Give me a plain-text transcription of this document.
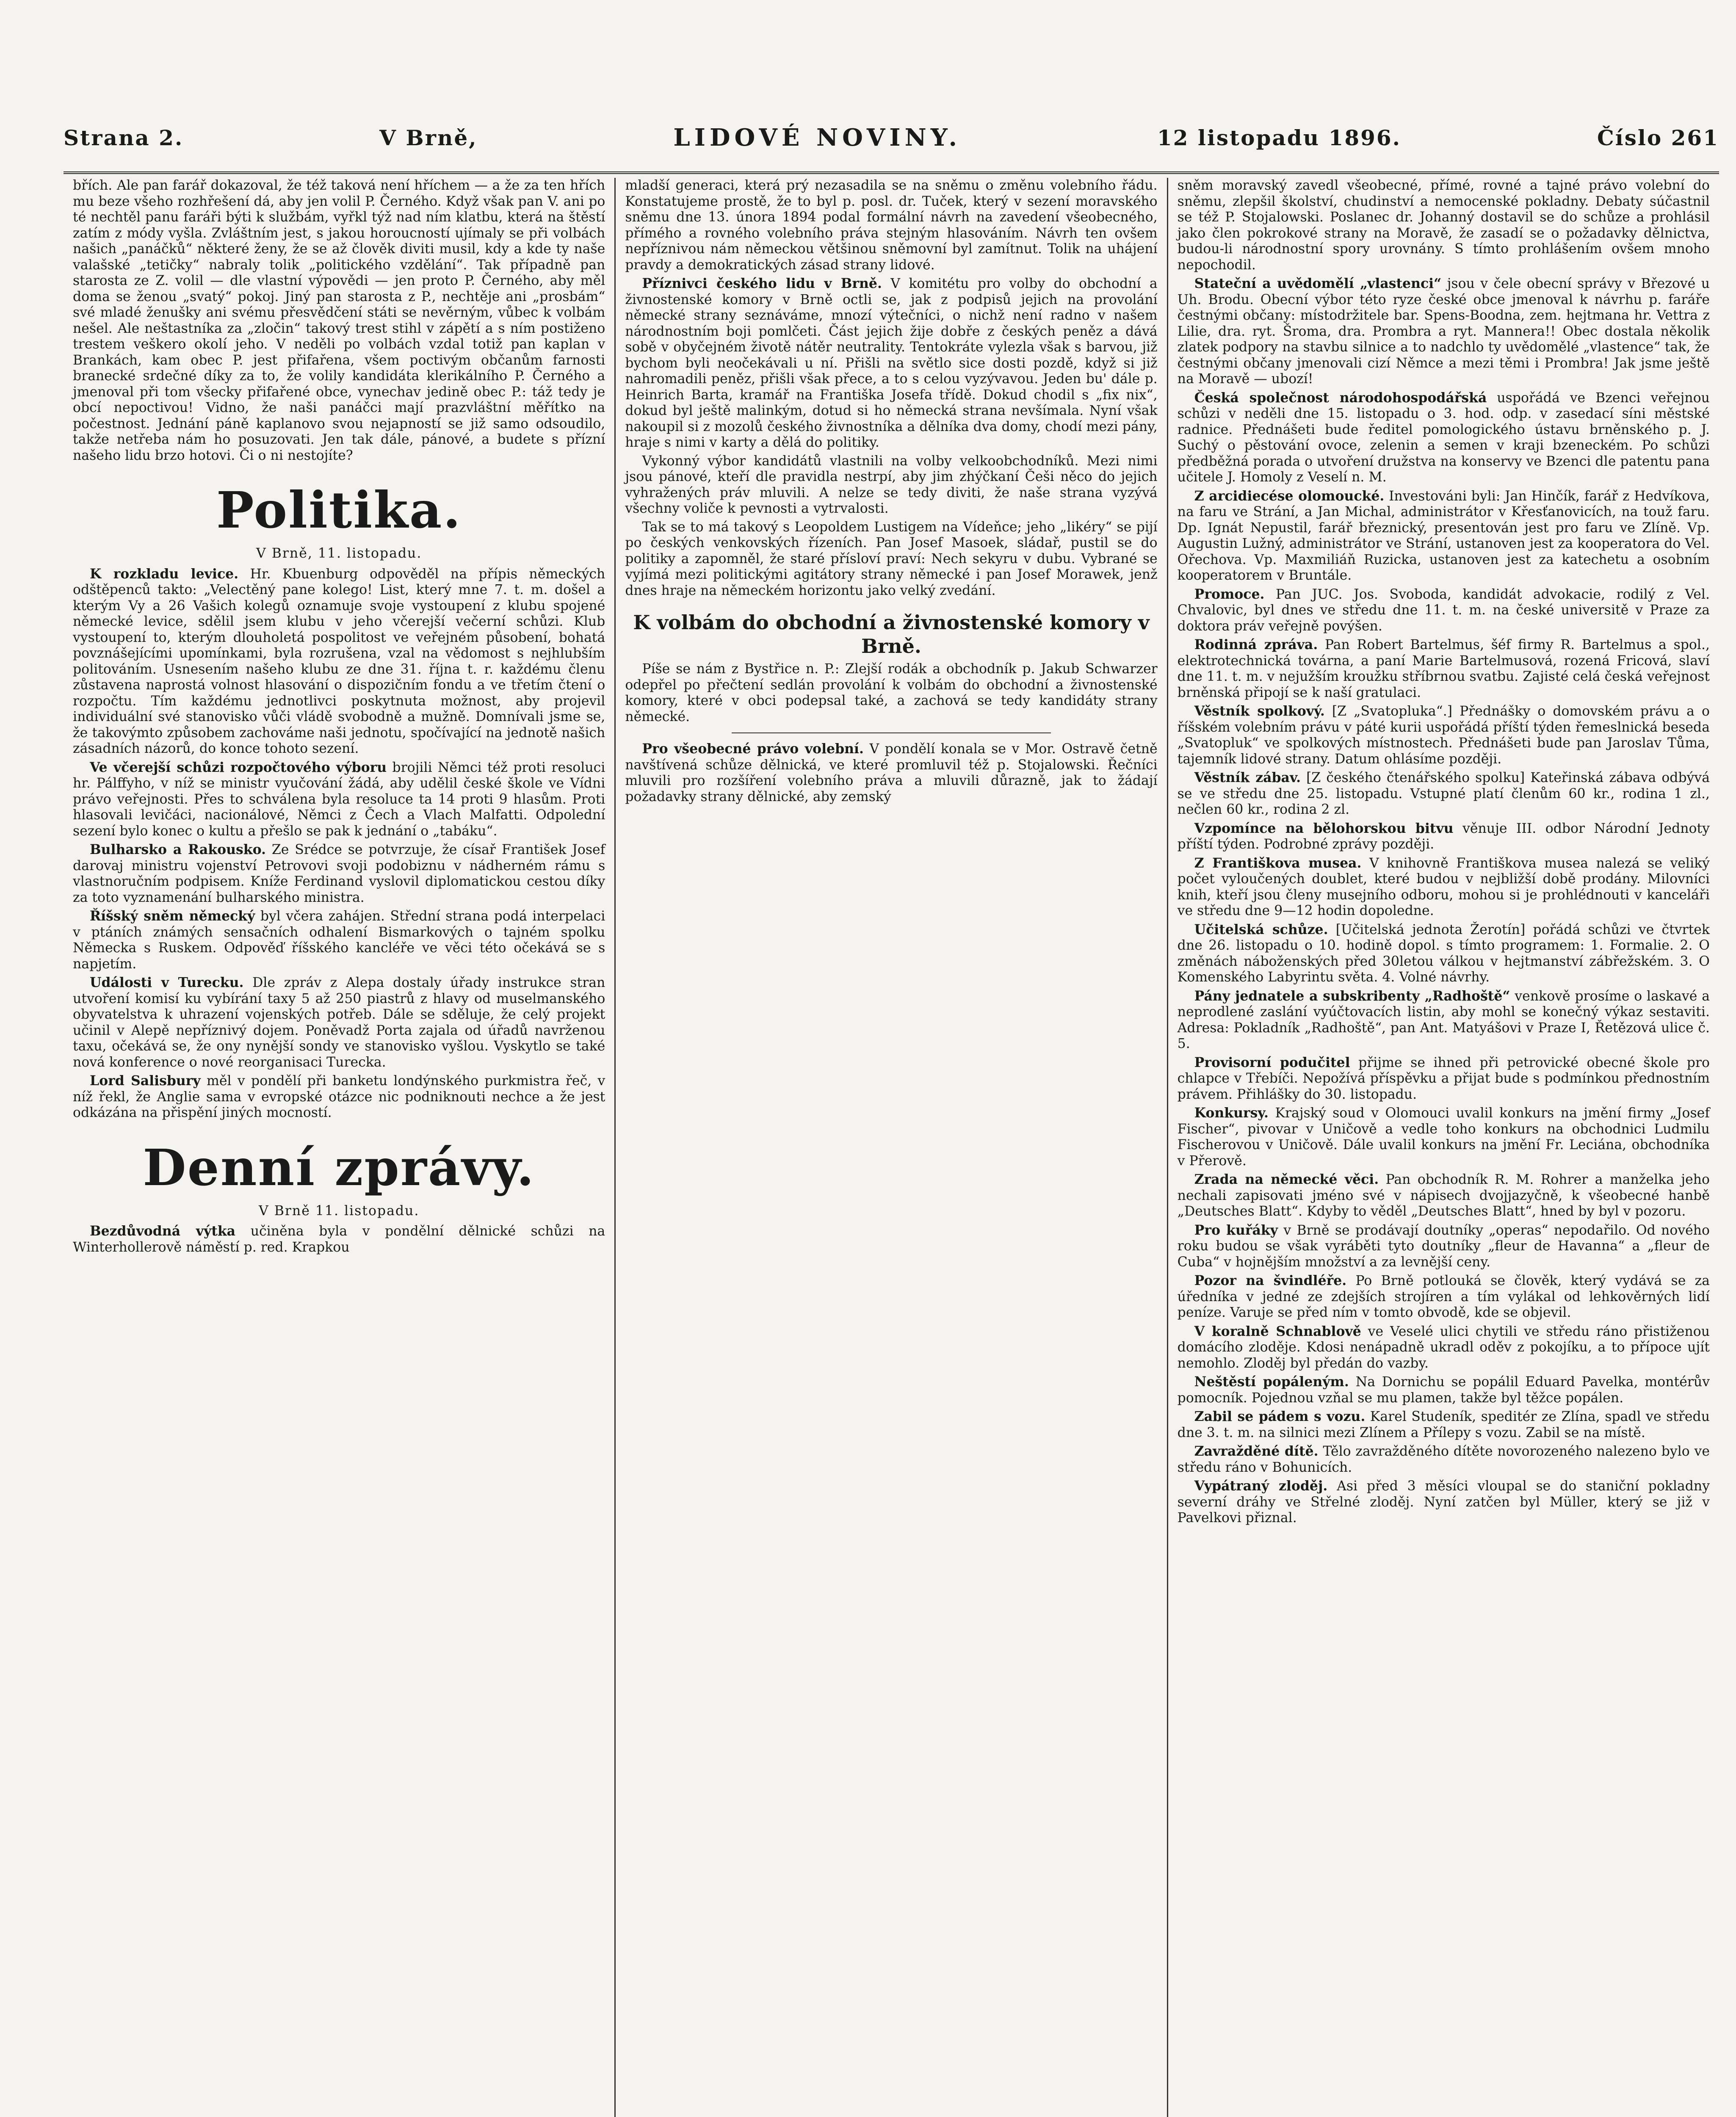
Strana 2.	V Brně,	LIDOVÉ NOVINY.	12 listopadu 1896.	Číslo 261

břích. Ale pan farář dokazoval, že též taková není hříchem — a že za ten hřích mu beze všeho rozhřešení dá, aby jen volil P. Černého. Když však pan V. ani po té nechtěl panu faráři býti k službám, vyřkl týž nad ním klatbu, která na štěstí zatím z módy vyšla. Zvláštním jest, s jakou horoucností ujímaly se při volbách našich „panáčků“ některé ženy, že se až člověk diviti musil, kdy a kde ty naše valašské „tetičky“ nabraly tolik „politického vzdělání“. Tak případně pan starosta ze Z. volil — dle vlastní výpovědi — jen proto P. Černého, aby měl doma se ženou „svatý“ pokoj. Jiný pan starosta z P., nechtěje ani „prosbám“ své mladé ženušky ani svému přesvědčení státi se nevěrným, vůbec k volbám nešel. Ale neštastníka za „zločin“ takový trest stihl v zápětí a s ním postiženo trestem veškero okolí jeho. V neděli po volbách vzdal totiž pan kaplan v Brankách, kam obec P. jest přifařena, všem poctivým občanům farnosti branecké srdečné díky za to, že volily kandidáta klerikálního P. Černého a jmenoval při tom všecky přifařené obce, vynechav jedině obec P.: táž tedy je obcí nepoctivou! Vidno, že naši panáčci mají prazvláštní měřítko na počestnost. Jednání páně kaplanovo svou nejapností se již samo odsoudilo, takže netřeba nám ho posuzovati. Jen tak dále, pánové, a budete s přízní našeho lidu brzo hotovi. Či o ni nestojíte?

Politika.
V Brně, 11. listopadu.

K rozkladu levice. Hr. Kbuenburg odpověděl na přípis německých odštěpenců takto: „Velectěný pane kolego! List, který mne 7. t. m. došel a kterým Vy a 26 Vašich kolegů oznamuje svoje vystoupení z klubu spojené německé levice, sdělil jsem klubu v jeho včerejší večerní schůzi. Klub vystoupení to, kterým dlouholetá pospolitost ve veřejném působení, bohatá povznášejícími upomínkami, byla rozrušena, vzal na vědomost s nejhlubším politováním. Usnesením našeho klubu ze dne 31. října t. r. každému členu zůstavena naprostá volnost hlasování o dispozičním fondu a ve třetím čtení o rozpočtu. Tím každému jednotlivci poskytnuta možnost, aby projevil individuální své stanovisko vůči vládě svobodně a mužně. Domnívali jsme se, že takovýmto způsobem zachováme naši jednotu, spočívající na jednotě našich zásadních názorů, do konce tohoto sezení.

Ve včerejší schůzi rozpočtového výboru brojili Němci též proti resoluci hr. Pálffyho, v níž se ministr vyučování žádá, aby udělil české škole ve Vídni právo veřejnosti. Přes to schválena byla resoluce ta 14 proti 9 hlasům. Proti hlasovali levičáci, nacionálové, Němci z Čech a Vlach Malfatti. Odpolední sezení bylo konec o kultu a přešlo se pak k jednání o „tabáku“.

Bulharsko a Rakousko. Ze Srédce se potvrzuje, že císař František Josef darovaj ministru vojenství Petrovovi svoji podobiznu v nádherném rámu s vlastnoručním podpisem. Kníže Ferdinand vyslovil diplomatickou cestou díky za toto vyznamenání bulharského ministra.

Říšský sněm německý byl včera zahájen. Střední strana podá interpelaci v ptáních známých sensačních odhalení Bismarkových o tajném spolku Německa s Ruskem. Odpověď říšského kancléře ve věci této očekává se s napjetím.

Události v Turecku. Dle zpráv z Alepa dostaly úřady instrukce stran utvoření komisí ku vybírání taxy 5 až 250 piastrů z hlavy od muselmanského obyvatelstva k uhrazení vojenských potřeb. Dále se sděluje, že celý projekt učinil v Alepě nepříznivý dojem. Poněvadž Porta zajala od úřadů navrženou taxu, očekává se, že ony nynější sondy ve stanovisko vyšlou. Vyskytlo se také nová konference o nové reorganisaci Turecka.

Lord Salisbury měl v pondělí při banketu londýnského purkmistra řeč, v níž řekl, že Anglie sama v evropské otázce nic podniknouti nechce a že jest odkázána na přispění jiných mocností.

Denní zprávy.
V Brně 11. listopadu.

Bezdůvodná výtka učiněna byla v pondělní dělnické schůzi na Winterhollerově náměstí p. red. Krapkou

mladší generaci, která prý nezasadila se na sněmu o změnu volebního řádu. Konstatujeme prostě, že to byl p. posl. dr. Tuček, který v sezení moravského sněmu dne 13. února 1894 podal formální návrh na zavedení všeobecného, přímého a rovného volebního práva stejným hlasováním. Návrh ten ovšem nepříznivou nám německou většinou sněmovní byl zamítnut. Tolik na uhájení pravdy a demokratických zásad strany lidové.

Příznivci českého lidu v Brně. V komitétu pro volby do obchodní a živnostenské komory v Brně octli se, jak z podpisů jejich na provolání německé strany seznáváme, mnozí výtečníci, o nichž není radno v našem národnostním boji pomlčeti. Část jejich žije dobře z českých peněz a dává sobě v obyčejném životě nátěr neutrality. Tentokráte vylezla však s barvou, již bychom byli neočekávali u ní. Přišli na světlo sice dosti pozdě, když si již nahromadili peněz, přišli však přece, a to s celou vyzývavou. Jeden bu' dále p. Heinrich Barta, kramář na Františka Josefa třídě. Dokud chodil s „fix nix“, dokud byl ještě malinkým, dotud si ho německá strana nevšímala. Nyní však nakoupil si z mozolů českého živnostníka a dělníka dva domy, chodí mezi pány, hraje s nimi v karty a dělá do politiky.

Vykonný výbor kandidátů vlastnili na volby velkoobchodníků. Mezi nimi jsou pánové, kteří dle pravidla nestrpí, aby jim zhýčkaní Češi něco do jejich vyhražených práv mluvili. A nelze se tedy diviti, že naše strana vyzývá všechny voliče k pevnosti a vytrvalosti.

Tak se to má takový s Leopoldem Lustigem na Vídeňce; jeho „likéry“ se pijí po českých venkovských řízeních. Pan Josef Masoek, sládař, pustil se do politiky a zapomněl, že staré přísloví praví: Nech sekyru v dubu. Vybrané se vyjímá mezi politickými agitátory strany německé i pan Josef Morawek, jenž dnes hraje na německém horizontu jako velký zvedání.

K volbám do obchodní a živnostenské komory v Brně.

Píše se nám z Bystřice n. P.: Zlejší rodák a obchodník p. Jakub Schwarzer odepřel po přečtení sedlán provolání k volbám do obchodní a živnostenské komory, které v obci podepsal také, a zachová se tedy kandidáty strany německé.

Pro všeobecné právo volební. V pondělí konala se v Mor. Ostravě četně navštívená schůze dělnická, ve které promluvil též p. Stojalowski. Řečníci mluvili pro rozšíření volebního práva a mluvili důrazně, jak to žádají požadavky strany dělnické, aby zemský

sněm moravský zavedl všeobecné, přímé, rovné a tajné právo volební do sněmu, zlepšil školství, chudinství a nemocenské pokladny. Debaty súčastnil se též P. Stojalowski. Poslanec dr. Johanný dostavil se do schůze a prohlásil jako člen pokrokové strany na Moravě, že zasadí se o požadavky dělnictva, budou-li národnostní spory urovnány. S tímto prohlášením ovšem mnoho nepochodil.

Stateční a uvědomělí „vlastenci“ jsou v čele obecní správy v Březové u Uh. Brodu. Obecní výbor této ryze české obce jmenoval k návrhu p. faráře čestnými občany: místodržitele bar. Spens-Boodna, zem. hejtmana hr. Vettra z Lilie, dra. ryt. Šroma, dra. Prombra a ryt. Mannera!! Obec dostala několik zlatek podpory na stavbu silnice a to nadchlo ty uvědomělé „vlastence“ tak, že čestnými občany jmenovali cizí Němce a mezi těmi i Prombra! Jak jsme ještě na Moravě — ubozí!

Česká společnost národohospodářská uspořádá ve Bzenci veřejnou schůzi v neděli dne 15. listopadu o 3. hod. odp. v zasedací síni městské radnice. Přednášeti bude ředitel pomologického ústavu brněnského p. J. Suchý o pěstování ovoce, zelenin a semen v kraji bzeneckém. Po schůzi předběžná porada o utvoření družstva na konservy ve Bzenci dle patentu pana učitele J. Homoly z Veselí n. M.

Z arcidiecése olomoucké. Investováni byli: Jan Hinčík, farář z Hedvíkova, na faru ve Strání, a Jan Michal, administrátor v Křesťanovicích, na touž faru. Dp. Ignát Nepustil, farář březnický, presentován jest pro faru ve Zlíně. Vp. Augustin Lužný, administrátor ve Strání, ustanoven jest za kooperatora do Vel. Ořechova. Vp. Maxmiliáň Ruzicka, ustanoven jest za katechetu a osobním kooperatorem v Bruntále.

Promoce. Pan JUC. Jos. Svoboda, kandidát advokacie, rodilý z Vel. Chvalovic, byl dnes ve středu dne 11. t. m. na české universitě v Praze za doktora práv veřejně povýšen.

Rodinná zpráva. Pan Robert Bartelmus, šéf firmy R. Bartelmus a spol., elektrotechnická továrna, a paní Marie Bartelmusová, rozená Fricová, slaví dne 11. t. m. v nejužším kroužku stříbrnou svatbu. Zajisté celá česká veřejnost brněnská připojí se k naší gratulaci.

Věstník spolkový. [Z „Svatopluka“.] Přednášky o domovském právu a o říšském volebním právu v páté kurii uspořádá příští týden řemeslnická beseda „Svatopluk“ ve spolkových místnostech. Přednášeti bude pan Jaroslav Tůma, tajemník lidové strany. Datum ohlásíme později.

Věstník zábav. [Z českého čtenářského spolku] Kateřinská zábava odbývá se ve středu dne 25. listopadu. Vstupné platí členům 60 kr., rodina 1 zl., nečlen 60 kr., rodina 2 zl.

Vzpomínce na bělohorskou bitvu věnuje III. odbor Národní Jednoty příští týden. Podrobné zprávy později.

Z Františkova musea. V knihovně Františkova musea nalezá se veliký počet vyloučených doublet, které budou v nejbližší době prodány. Milovníci knih, kteří jsou členy musejního odboru, mohou si je prohlédnouti v kanceláři ve středu dne 9—12 hodin dopoledne.

Učitelská schůze. [Učitelská jednota Žerotín] pořádá schůzi ve čtvrtek dne 26. listopadu o 10. hodině dopol. s tímto programem: 1. Formalie. 2. O změnách náboženských před 30letou válkou v hejtmanství zábřežském. 3. O Komenského Labyrintu světa. 4. Volné návrhy.

Pány jednatele a subskribenty „Radhoště“ venkově prosíme o laskavé a neprodlené zaslání vyúčtovacích listin, aby mohl se konečný výkaz sestaviti. Adresa: Pokladník „Radhoště“, pan Ant. Matyášovi v Praze I, Řetězová ulice č. 5.

Provisorní podučitel přijme se ihned při petrovické obecné škole pro chlapce v Třebíči. Nepožívá příspěvku a přijat bude s podmínkou přednostním právem. Přihlášky do 30. listopadu.

Konkursy. Krajský soud v Olomouci uvalil konkurs na jmění firmy „Josef Fischer“, pivovar v Uničově a vedle toho konkurs na obchodnici Ludmilu Fischerovou v Uničově. Dále uvalil konkurs na jmění Fr. Leciána, obchodníka v Přerově.

Zrada na německé věci. Pan obchodník R. M. Rohrer a manželka jeho nechali zapisovati jméno své v nápisech dvojjazyčně, k všeobecné hanbě „Deutsches Blatt“. Kdyby to věděl „Deutsches Blatt“, hned by byl v pozoru.

Pro kuřáky v Brně se prodávají doutníky „operas“ nepodařilo. Od nového roku budou se však vyráběti tyto doutníky „fleur de Havanna“ a „fleur de Cuba“ v hojnějším množství a za levnější ceny.

Pozor na švindléře. Po Brně potlouká se člověk, který vydává se za úředníka v jedné ze zdejších strojíren a tím vylákal od lehkověrných lidí peníze. Varuje se před ním v tomto obvodě, kde se objevil.

V koralně Schnablově ve Veselé ulici chytili ve středu ráno přistiženou domácího zloděje. Kdosi nenápadně ukradl oděv z pokojíku, a to přípoce ujít nemohlo. Zloděj byl předán do vazby.

Neštěstí popáleným. Na Dornichu se popálil Eduard Pavelka, montérův pomocník. Pojednou vzňal se mu plamen, takže byl těžce popálen.

Zabil se pádem s vozu. Karel Studeník, speditér ze Zlína, spadl ve středu dne 3. t. m. na silnici mezi Zlínem a Přílepy s vozu. Zabil se na místě.

Zavražděné dítě. Tělo zavražděného dítěte novorozeného nalezeno bylo ve středu ráno v Bohunicích.

Vypátraný zloděj. Asi před 3 měsíci vloupal se do staniční pokladny severní dráhy ve Střelné zloděj. Nyní zatčen byl Müller, který se již v Pavelkovi přiznal.
